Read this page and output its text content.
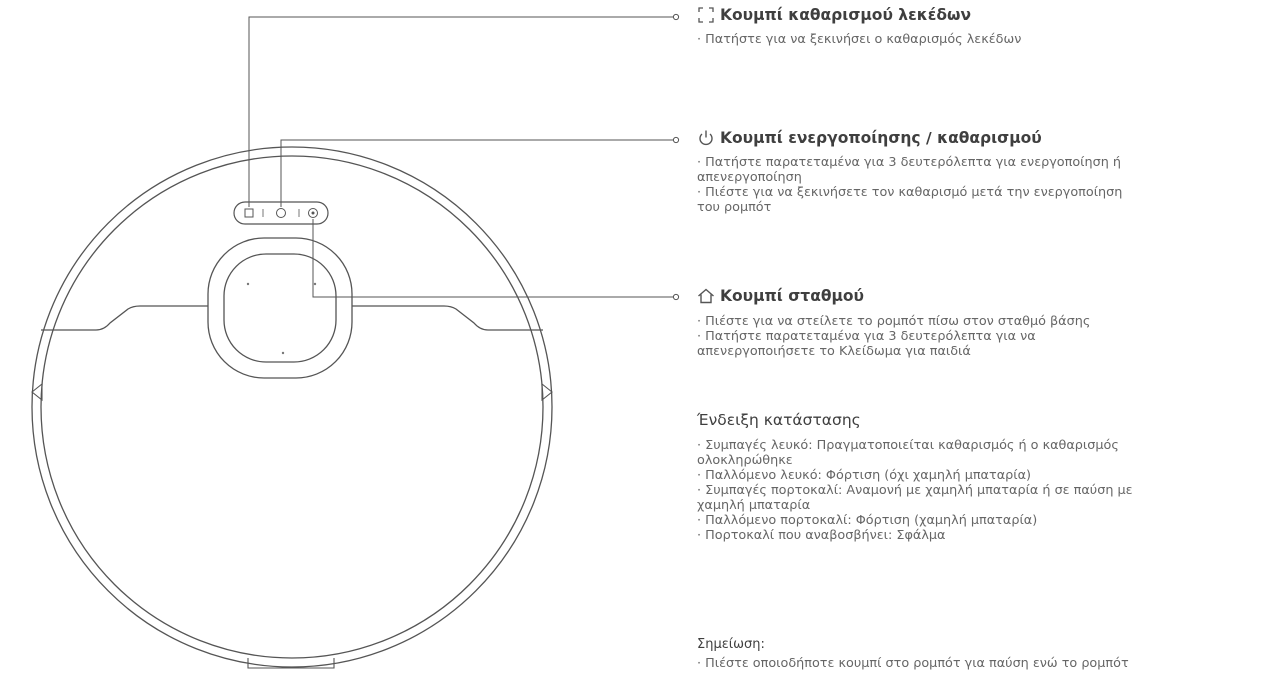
Κουμπί καθαρισμού λεκέδων
· Πατήστε για να ξεκινήσει ο καθαρισμός λεκέδων
Κουμπί ενεργοποίησης / καθαρισμού
· Πατήστε παρατεταμένα για 3 δευτερόλεπτα για ενεργοποίηση ή
απενεργοποίηση
· Πιέστε για να ξεκινήσετε τον καθαρισμό μετά την ενεργοποίηση
του ρομπότ
Κουμπί σταθμού
· Πιέστε για να στείλετε το ρομπότ πίσω στον σταθμό βάσης
· Πατήστε παρατεταμένα για 3 δευτερόλεπτα για να
απενεργοποιήσετε το Κλείδωμα για παιδιά
Ένδειξη κατάστασης
· Συμπαγές λευκό: Πραγματοποιείται καθαρισμός ή ο καθαρισμός
ολοκληρώθηκε
· Παλλόμενο λευκό: Φόρτιση (όχι χαμηλή μπαταρία)
· Συμπαγές πορτοκαλί: Αναμονή με χαμηλή μπαταρία ή σε παύση με
χαμηλή μπαταρία
· Παλλόμενο πορτοκαλί: Φόρτιση (χαμηλή μπαταρία)
· Πορτοκαλί που αναβοσβήνει: Σφάλμα
Σημείωση:
· Πιέστε οποιοδήποτε κουμπί στο ρομπότ για παύση ενώ το ρομπότ
